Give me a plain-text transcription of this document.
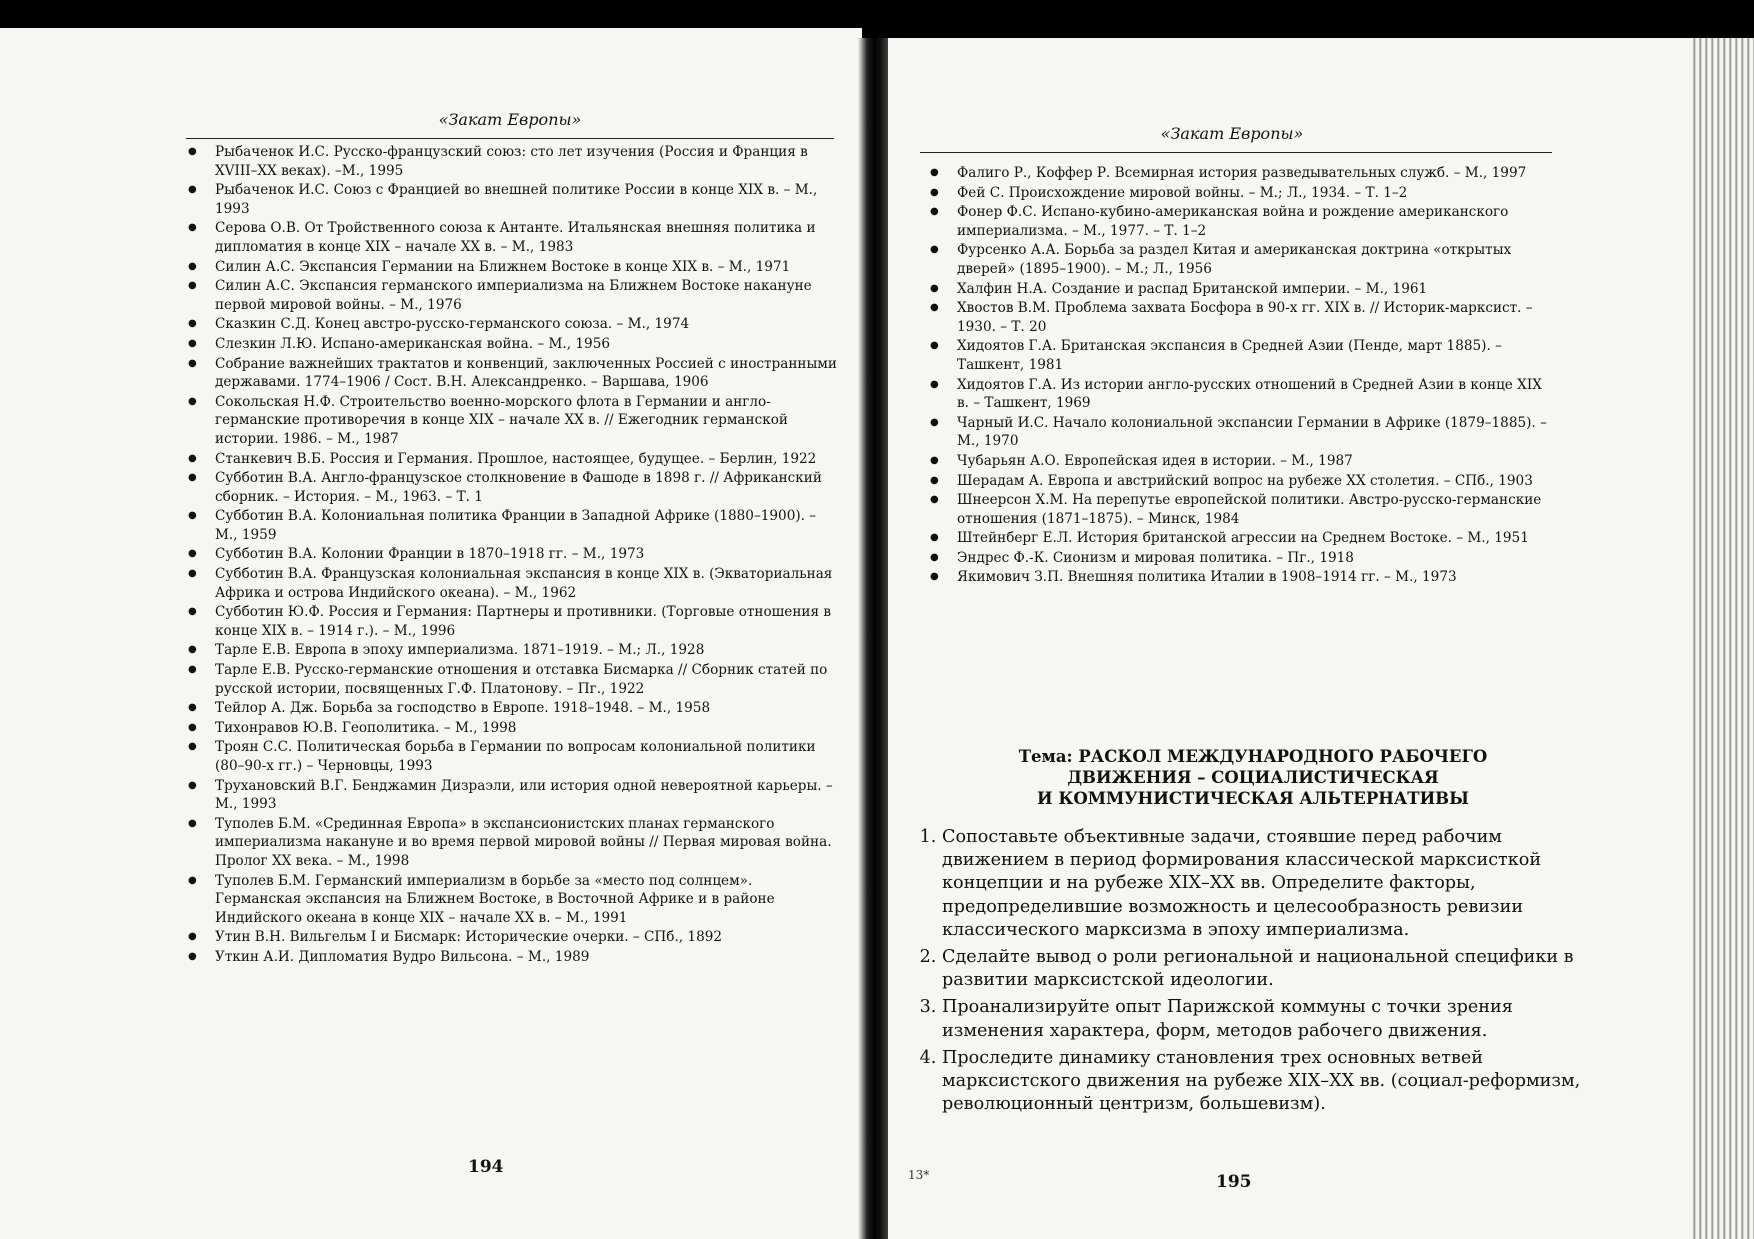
«Закат Европы»
● Рыбаченок И.С. Русско-французский союз: сто лет изучения (Россия и Франция в XVIII–XX веках). –М., 1995
● Рыбаченок И.С. Союз с Францией во внешней политике России в конце XIX в. – М., 1993
● Серова О.В. От Тройственного союза к Антанте. Итальянская внешняя политика и дипломатия в конце XIX – начале XX в. – М., 1983
● Силин А.С. Экспансия Германии на Ближнем Востоке в конце XIX в. – М., 1971
● Силин А.С. Экспансия германского империализма на Ближнем Востоке накануне первой мировой войны. – М., 1976
● Сказкин С.Д. Конец австро-русско-германского союза. – М., 1974
● Слезкин Л.Ю. Испано-американская война. – М., 1956
● Собрание важнейших трактатов и конвенций, заключенных Россией с иностранными державами. 1774–1906 / Сост. В.Н. Александренко. – Варшава, 1906
● Сокольская Н.Ф. Строительство военно-морского флота в Германии и англо-германские противоречия в конце XIX – начале XX в. // Ежегодник германской истории. 1986. – М., 1987
● Станкевич В.Б. Россия и Германия. Прошлое, настоящее, будущее. – Берлин, 1922
● Субботин В.А. Англо-французское столкновение в Фашоде в 1898 г. // Африканский сборник. – История. – М., 1963. – Т. 1
● Субботин В.А. Колониальная политика Франции в Западной Африке (1880–1900). – М., 1959
● Субботин В.А. Колонии Франции в 1870–1918 гг. – М., 1973
● Субботин В.А. Французская колониальная экспансия в конце XIX в. (Экваториальная Африка и острова Индийского океана). – М., 1962
● Субботин Ю.Ф. Россия и Германия: Партнеры и противники. (Торговые отношения в конце XIX в. – 1914 г.). – М., 1996
● Тарле Е.В. Европа в эпоху империализма. 1871–1919. – М.; Л., 1928
● Тарле Е.В. Русско-германские отношения и отставка Бисмарка // Сборник статей по русской истории, посвященных Г.Ф. Платонову. – Пг., 1922
● Тейлор А. Дж. Борьба за господство в Европе. 1918–1948. – М., 1958
● Тихонравов Ю.В. Геополитика. – М., 1998
● Троян С.С. Политическая борьба в Германии по вопросам колониальной политики (80–90-х гг.) – Черновцы, 1993
● Трухановский В.Г. Бенджамин Дизраэли, или история одной невероятной карьеры. – М., 1993
● Туполев Б.М. «Срединная Европа» в экспансионистских планах германского империализма накануне и во время первой мировой войны // Первая мировая война. Пролог XX века. – М., 1998
● Туполев Б.М. Германский империализм в борьбе за «место под солнцем». Германская экспансия на Ближнем Востоке, в Восточной Африке и в районе Индийского океана в конце XIX – начале XX в. – М., 1991
● Утин В.Н. Вильгельм I и Бисмарк: Исторические очерки. – СПб., 1892
● Уткин А.И. Дипломатия Вудро Вильсона. – М., 1989
194
«Закат Европы»
● Фалиго Р., Коффер Р. Всемирная история разведывательных служб. – М., 1997
● Фей С. Происхождение мировой войны. – М.; Л., 1934. – Т. 1–2
● Фонер Ф.С. Испано-кубино-американская война и рождение американского империализма. – М., 1977. – Т. 1–2
● Фурсенко А.А. Борьба за раздел Китая и американская доктрина «открытых дверей» (1895–1900). – М.; Л., 1956
● Халфин Н.А. Создание и распад Британской империи. – М., 1961
● Хвостов В.М. Проблема захвата Босфора в 90-х гг. XIX в. // Историк-марксист. – 1930. – Т. 20
● Хидоятов Г.А. Британская экспансия в Средней Азии (Пенде, март 1885). – Ташкент, 1981
● Хидоятов Г.А. Из истории англо-русских отношений в Средней Азии в конце XIX в. – Ташкент, 1969
● Чарный И.С. Начало колониальной экспансии Германии в Африке (1879–1885). – М., 1970
● Чубарьян А.О. Европейская идея в истории. – М., 1987
● Шерадам А. Европа и австрийский вопрос на рубеже XX столетия. – СПб., 1903
● Шнеерсон Х.М. На перепутье европейской политики. Австро-русско-германские отношения (1871–1875). – Минск, 1984
● Штейнберг Е.Л. История британской агрессии на Среднем Востоке. – М., 1951
● Эндрес Ф.-К. Сионизм и мировая политика. – Пг., 1918
● Якимович З.П. Внешняя политика Италии в 1908–1914 гг. – М., 1973
Тема: РАСКОЛ МЕЖДУНАРОДНОГО РАБОЧЕГО
ДВИЖЕНИЯ – СОЦИАЛИСТИЧЕСКАЯ
И КОММУНИСТИЧЕСКАЯ АЛЬТЕРНАТИВЫ
1. Сопоставьте объективные задачи, стоявшие перед рабочим движением в период формирования классической марксисткой концепции и на рубеже XIX–XX вв. Определите факторы, предопределившие возможность и целесообразность ревизии классического марксизма в эпоху империализма.
2. Сделайте вывод о роли региональной и национальной специфики в развитии марксистской идеологии.
3. Проанализируйте опыт Парижской коммуны с точки зрения изменения характера, форм, методов рабочего движения.
4. Проследите динамику становления трех основных ветвей марксистского движения на рубеже XIX–XX вв. (социал-реформизм, революционный центризм, большевизм).
13*	195
